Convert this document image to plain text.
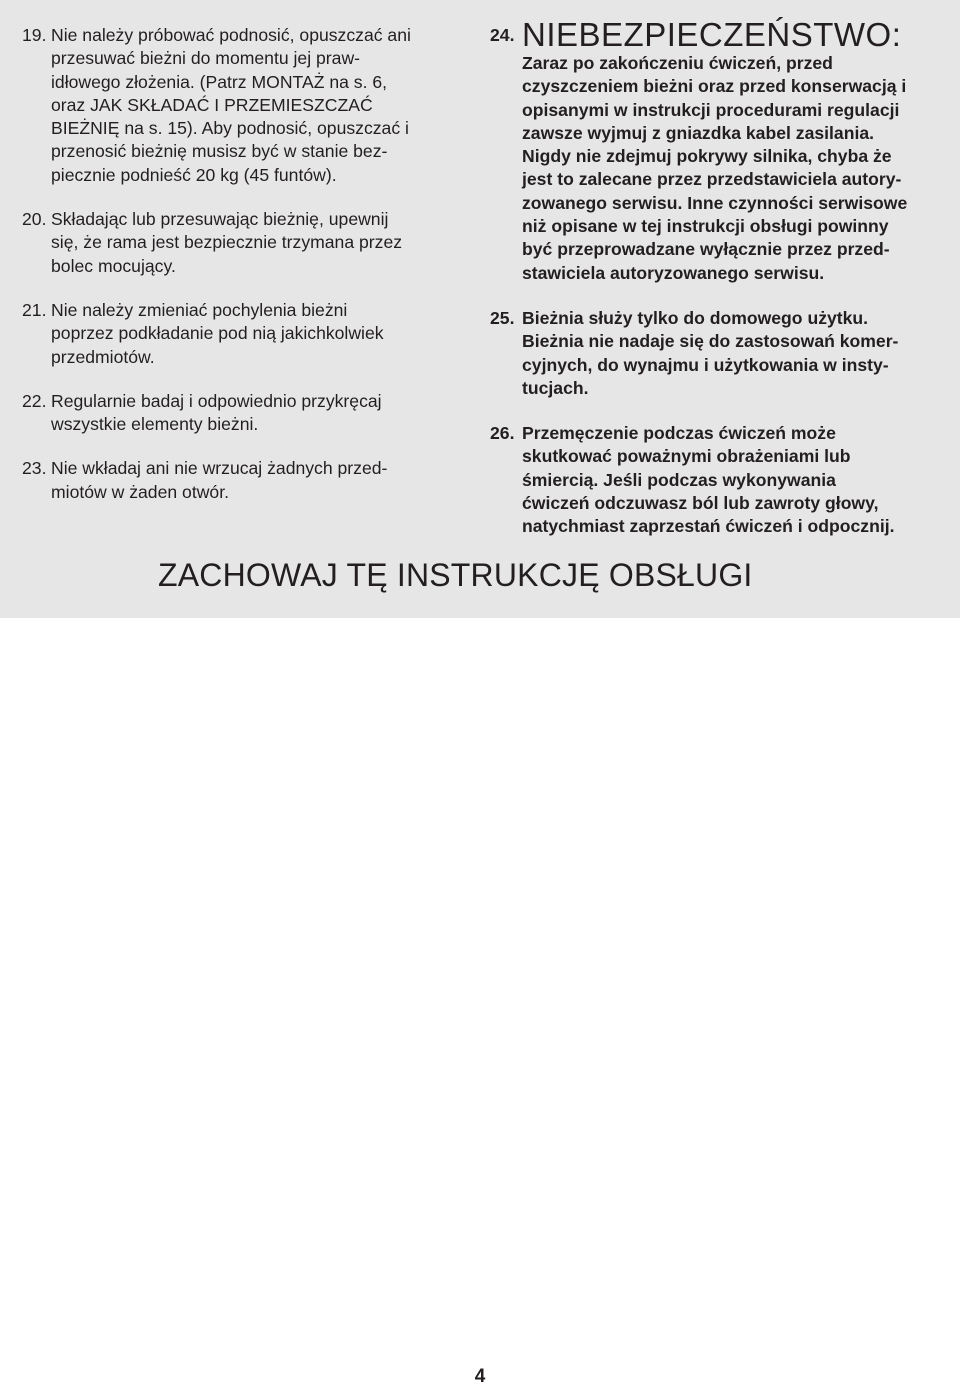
19. Nie należy próbować podnosić, opuszczać ani
przesuwać bieżni do momentu jej praw-
idłowego złożenia. (Patrz MONTAŻ na s. 6,
oraz JAK SKŁADAĆ I PRZEMIESZCZAĆ
BIEŻNIĘ na s. 15). Aby podnosić, opuszczać i
przenosić bieżnię musisz być w stanie bez-
piecznie podnieść 20 kg (45 funtów).
20. Składając lub przesuwając bieżnię, upewnij
się, że rama jest bezpiecznie trzymana przez
bolec mocujący.
21. Nie należy zmieniać pochylenia bieżni
poprzez podkładanie pod nią jakichkolwiek
przedmiotów.
22. Regularnie badaj i odpowiednio przykręcaj
wszystkie elementy bieżni.
23. Nie wkładaj ani nie wrzucaj żadnych przed-
miotów w żaden otwór.
24. NIEBEZPIECZEŃSTWO:
Zaraz po zakończeniu ćwiczeń, przed
czyszczeniem bieżni oraz przed konserwacją i
opisanymi w instrukcji procedurami regulacji
zawsze wyjmuj z gniazdka kabel zasilania.
Nigdy nie zdejmuj pokrywy silnika, chyba że
jest to zalecane przez przedstawiciela autory-
zowanego serwisu. Inne czynności serwisowe
niż opisane w tej instrukcji obsługi powinny
być przeprowadzane wyłącznie przez przed-
stawiciela autoryzowanego serwisu.
25. Bieżnia służy tylko do domowego użytku.
Bieżnia nie nadaje się do zastosowań komer-
cyjnych, do wynajmu i użytkowania w insty-
tucjach.
26. Przemęczenie podczas ćwiczeń może
skutkować poważnymi obrażeniami lub
śmiercią. Jeśli podczas wykonywania
ćwiczeń odczuwasz ból lub zawroty głowy,
natychmiast zaprzestań ćwiczeń i odpocznij.
ZACHOWAJ TĘ INSTRUKCJĘ OBSŁUGI
4
